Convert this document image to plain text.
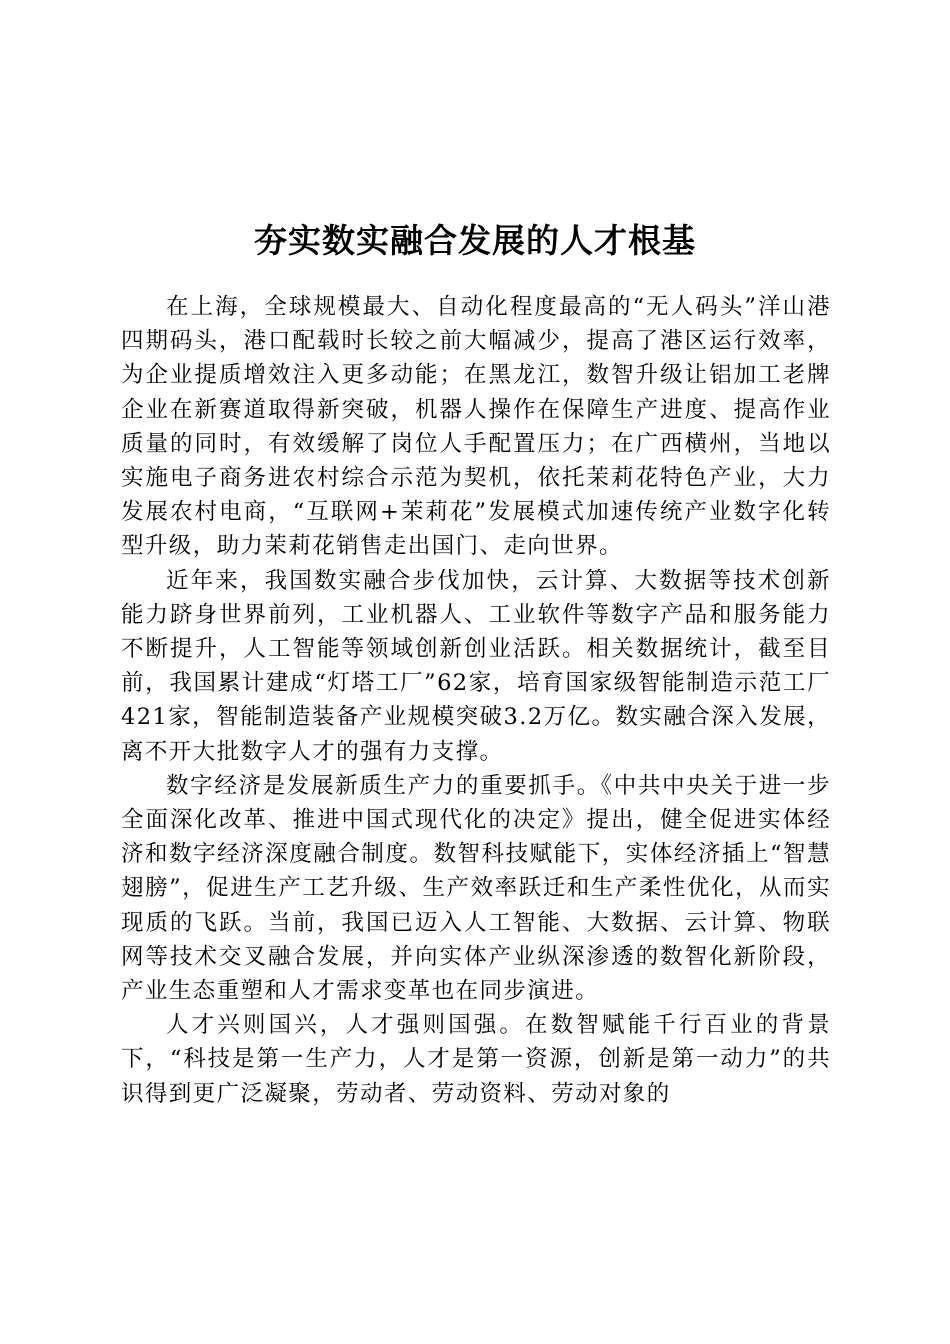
夯实数实融合发展的人才根基

在上海，全球规模最大、自动化程度最高的“无人码头”洋山港四期码头，港口配载时长较之前大幅减少，提高了港区运行效率，为企业提质增效注入更多动能；在黑龙江，数智升级让铝加工老牌企业在新赛道取得新突破，机器人操作在保障生产进度、提高作业质量的同时，有效缓解了岗位人手配置压力；在广西横州，当地以实施电子商务进农村综合示范为契机，依托茉莉花特色产业，大力发展农村电商，“互联网+茉莉花”发展模式加速传统产业数字化转型升级，助力茉莉花销售走出国门、走向世界。

近年来，我国数实融合步伐加快，云计算、大数据等技术创新能力跻身世界前列，工业机器人、工业软件等数字产品和服务能力不断提升，人工智能等领域创新创业活跃。相关数据统计，截至目前，我国累计建成“灯塔工厂”62家，培育国家级智能制造示范工厂421家，智能制造装备产业规模突破3.2万亿。数实融合深入发展，离不开大批数字人才的强有力支撑。

数字经济是发展新质生产力的重要抓手。《中共中央关于进一步全面深化改革、推进中国式现代化的决定》提出，健全促进实体经济和数字经济深度融合制度。数智科技赋能下，实体经济插上“智慧翅膀”，促进生产工艺升级、生产效率跃迁和生产柔性优化，从而实现质的飞跃。当前，我国已迈入人工智能、大数据、云计算、物联网等技术交叉融合发展，并向实体产业纵深渗透的数智化新阶段，产业生态重塑和人才需求变革也在同步演进。

人才兴则国兴，人才强则国强。在数智赋能千行百业的背景下，“科技是第一生产力，人才是第一资源，创新是第一动力”的共识得到更广泛凝聚，劳动者、劳动资料、劳动对象的
